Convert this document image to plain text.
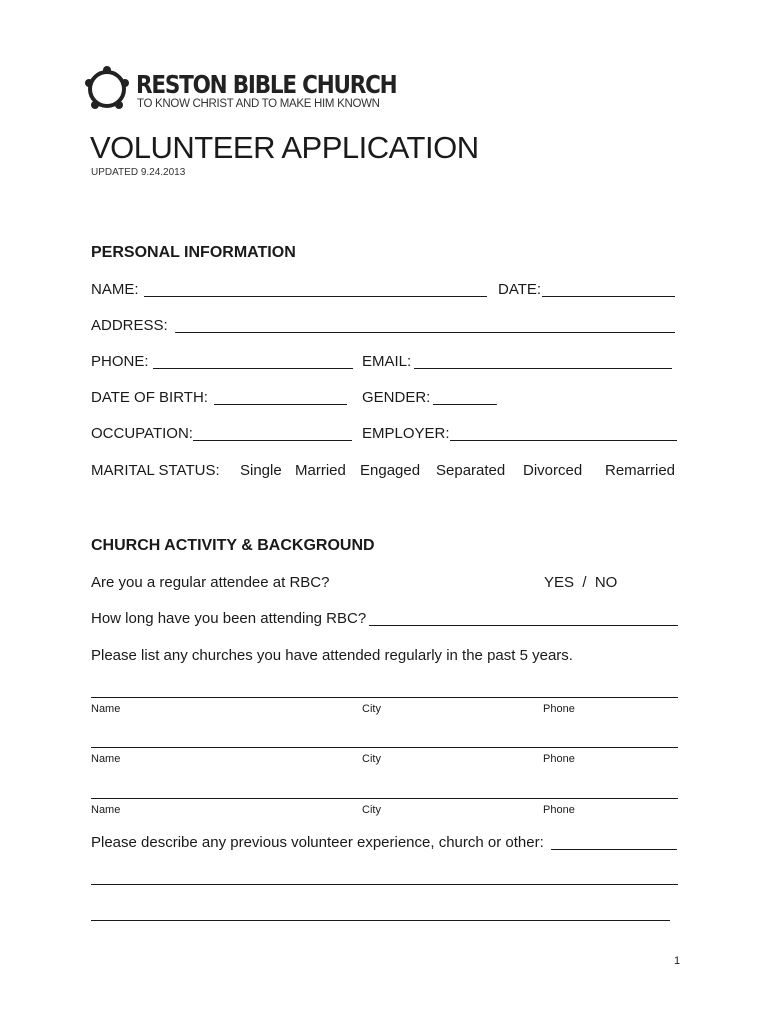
RESTON BIBLE CHURCH
TO KNOW CHRIST AND TO MAKE HIM KNOWN
VOLUNTEER APPLICATION
UPDATED 9.24.2013
PERSONAL INFORMATION
NAME:	DATE:
ADDRESS:
PHONE:	EMAIL:
DATE OF BIRTH:	GENDER:
OCCUPATION:	EMPLOYER:
MARITAL STATUS: Single Married Engaged Separated Divorced Remarried
CHURCH ACTIVITY & BACKGROUND
Are you a regular attendee at RBC?	YES  /  NO
How long have you been attending RBC?
Please list any churches you have attended regularly in the past 5 years.
Name	City	Phone
Name	City	Phone
Name	City	Phone
Please describe any previous volunteer experience, church or other:
1
